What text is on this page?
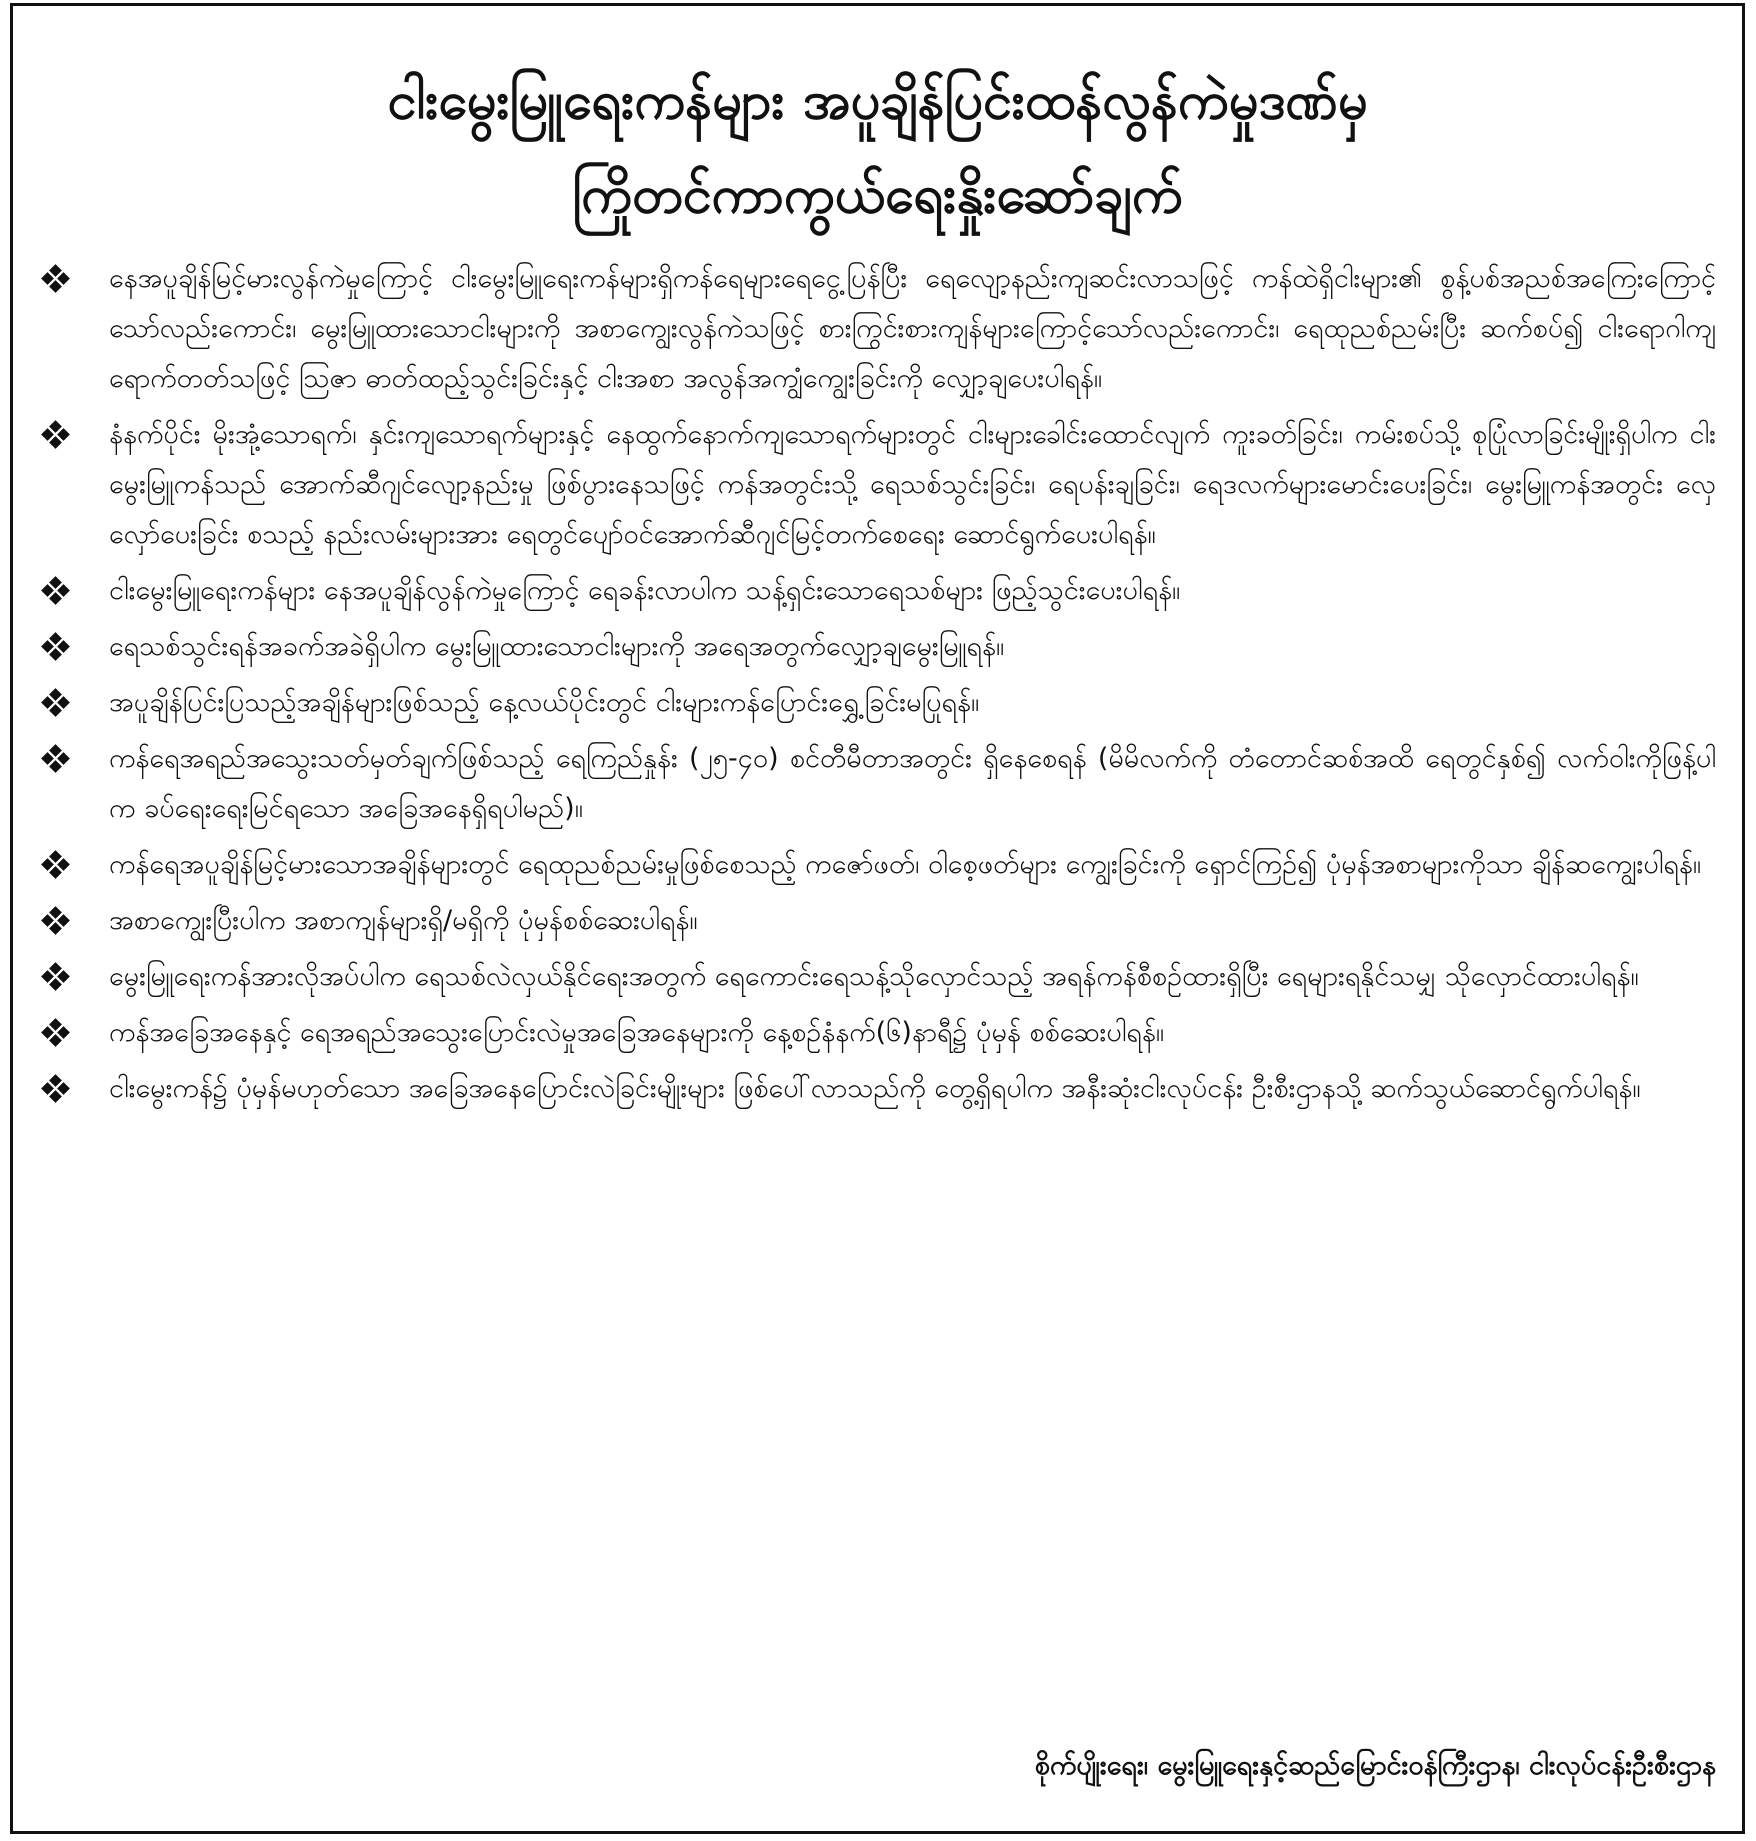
ငါးမွေးမြူရေးကန်များ အပူချိန်ပြင်းထန်လွန်ကဲမှုဒဏ်မှ
ကြိုတင်ကာကွယ်ရေးနှိုးဆော်ချက်
နေအပူချိန်မြင့်မားလွန်ကဲမှုကြောင့် ငါးမွေးမြူရေးကန်များရှိကန်ရေများရေငွေ့ပြန်ပြီး ရေလျော့နည်းကျဆင်းလာသဖြင့် ကန်ထဲရှိငါးများ၏ စွန့်ပစ်အညစ်အကြေးကြောင့်သော်လည်းကောင်း၊ မွေးမြူထားသောငါးများကို အစာကျွေးလွန်ကဲသဖြင့် စားကြွင်းစားကျန်များကြောင့်သော်လည်းကောင်း၊ ရေထုညစ်ညမ်းပြီး ဆက်စပ်၍ ငါးရောဂါကျရောက်တတ်သဖြင့် ဩဇာ ဓာတ်ထည့်သွင်းခြင်းနှင့် ငါးအစာ အလွန်အကျွံကျွေးခြင်းကို လျှော့ချပေးပါရန်။
နံနက်ပိုင်း မိုးအုံ့သောရက်၊ နှင်းကျသောရက်များနှင့် နေထွက်နောက်ကျသောရက်များတွင် ငါးများခေါင်းထောင်လျက် ကူးခတ်ခြင်း၊ ကမ်းစပ်သို့ စုပြုံလာခြင်းမျိုးရှိပါက ငါးမွေးမြူကန်သည် အောက်ဆီဂျင်လျော့နည်းမှု ဖြစ်ပွားနေသဖြင့် ကန်အတွင်းသို့ ရေသစ်သွင်းခြင်း၊ ရေပန်းချခြင်း၊ ရေဒလက်များမောင်းပေးခြင်း၊ မွေးမြူကန်အတွင်း လှေလှော်ပေးခြင်း စသည့် နည်းလမ်းများအား ရေတွင်ပျော်ဝင်အောက်ဆီဂျင်မြင့်တက်စေရေး ဆောင်ရွက်ပေးပါရန်။
ငါးမွေးမြူရေးကန်များ နေအပူချိန်လွန်ကဲမှုကြောင့် ရေခန်းလာပါက သန့်ရှင်းသောရေသစ်များ ဖြည့်သွင်းပေးပါရန်။
ရေသစ်သွင်းရန်အခက်အခဲရှိပါက မွေးမြူထားသောငါးများကို အရေအတွက်လျှော့ချမွေးမြူရန်။
အပူချိန်ပြင်းပြသည့်အချိန်များဖြစ်သည့် နေ့လယ်ပိုင်းတွင် ငါးများကန်ပြောင်းရွှေ့ခြင်းမပြုရန်။
ကန်ရေအရည်အသွေးသတ်မှတ်ချက်ဖြစ်သည့် ရေကြည်နှုန်း (၂၅-၄၀) စင်တီမီတာအတွင်း ရှိနေစေရန် (မိမိလက်ကို တံတောင်ဆစ်အထိ ရေတွင်နှစ်၍ လက်ဝါးကိုဖြန့်ပါက ခပ်ရေးရေးမြင်ရသော အခြေအနေရှိရပါမည်)။
ကန်ရေအပူချိန်မြင့်မားသောအချိန်များတွင် ရေထုညစ်ညမ်းမှုဖြစ်စေသည့် ကဇော်ဖတ်၊ ဝါစေ့ဖတ်များ ကျွေးခြင်းကို ရှောင်ကြဉ်၍ ပုံမှန်အစာများကိုသာ ချိန်ဆကျွေးပါရန်။
အစာကျွေးပြီးပါက အစာကျန်များရှိ/မရှိကို ပုံမှန်စစ်ဆေးပါရန်။
မွေးမြူရေးကန်အားလိုအပ်ပါက ရေသစ်လဲလှယ်နိုင်ရေးအတွက် ရေကောင်းရေသန့်သိုလှောင်သည့် အရန်ကန်စီစဉ်ထားရှိပြီး ရေများရနိုင်သမျှ သိုလှောင်ထားပါရန်။
ကန်အခြေအနေနှင့် ရေအရည်အသွေးပြောင်းလဲမှုအခြေအနေများကို နေ့စဉ်နံနက်(၆)နာရီ၌ ပုံမှန် စစ်ဆေးပါရန်။
ငါးမွေးကန်၌ ပုံမှန်မဟုတ်သော အခြေအနေပြောင်းလဲခြင်းမျိုးများ ဖြစ်ပေါ်လာသည်ကို တွေ့ရှိရပါက အနီးဆုံးငါးလုပ်ငန်း ဦးစီးဌာနသို့ ဆက်သွယ်ဆောင်ရွက်ပါရန်။
စိုက်ပျိုးရေး၊ မွေးမြူရေးနှင့်ဆည်မြောင်းဝန်ကြီးဌာန၊ ငါးလုပ်ငန်းဦးစီးဌာန
